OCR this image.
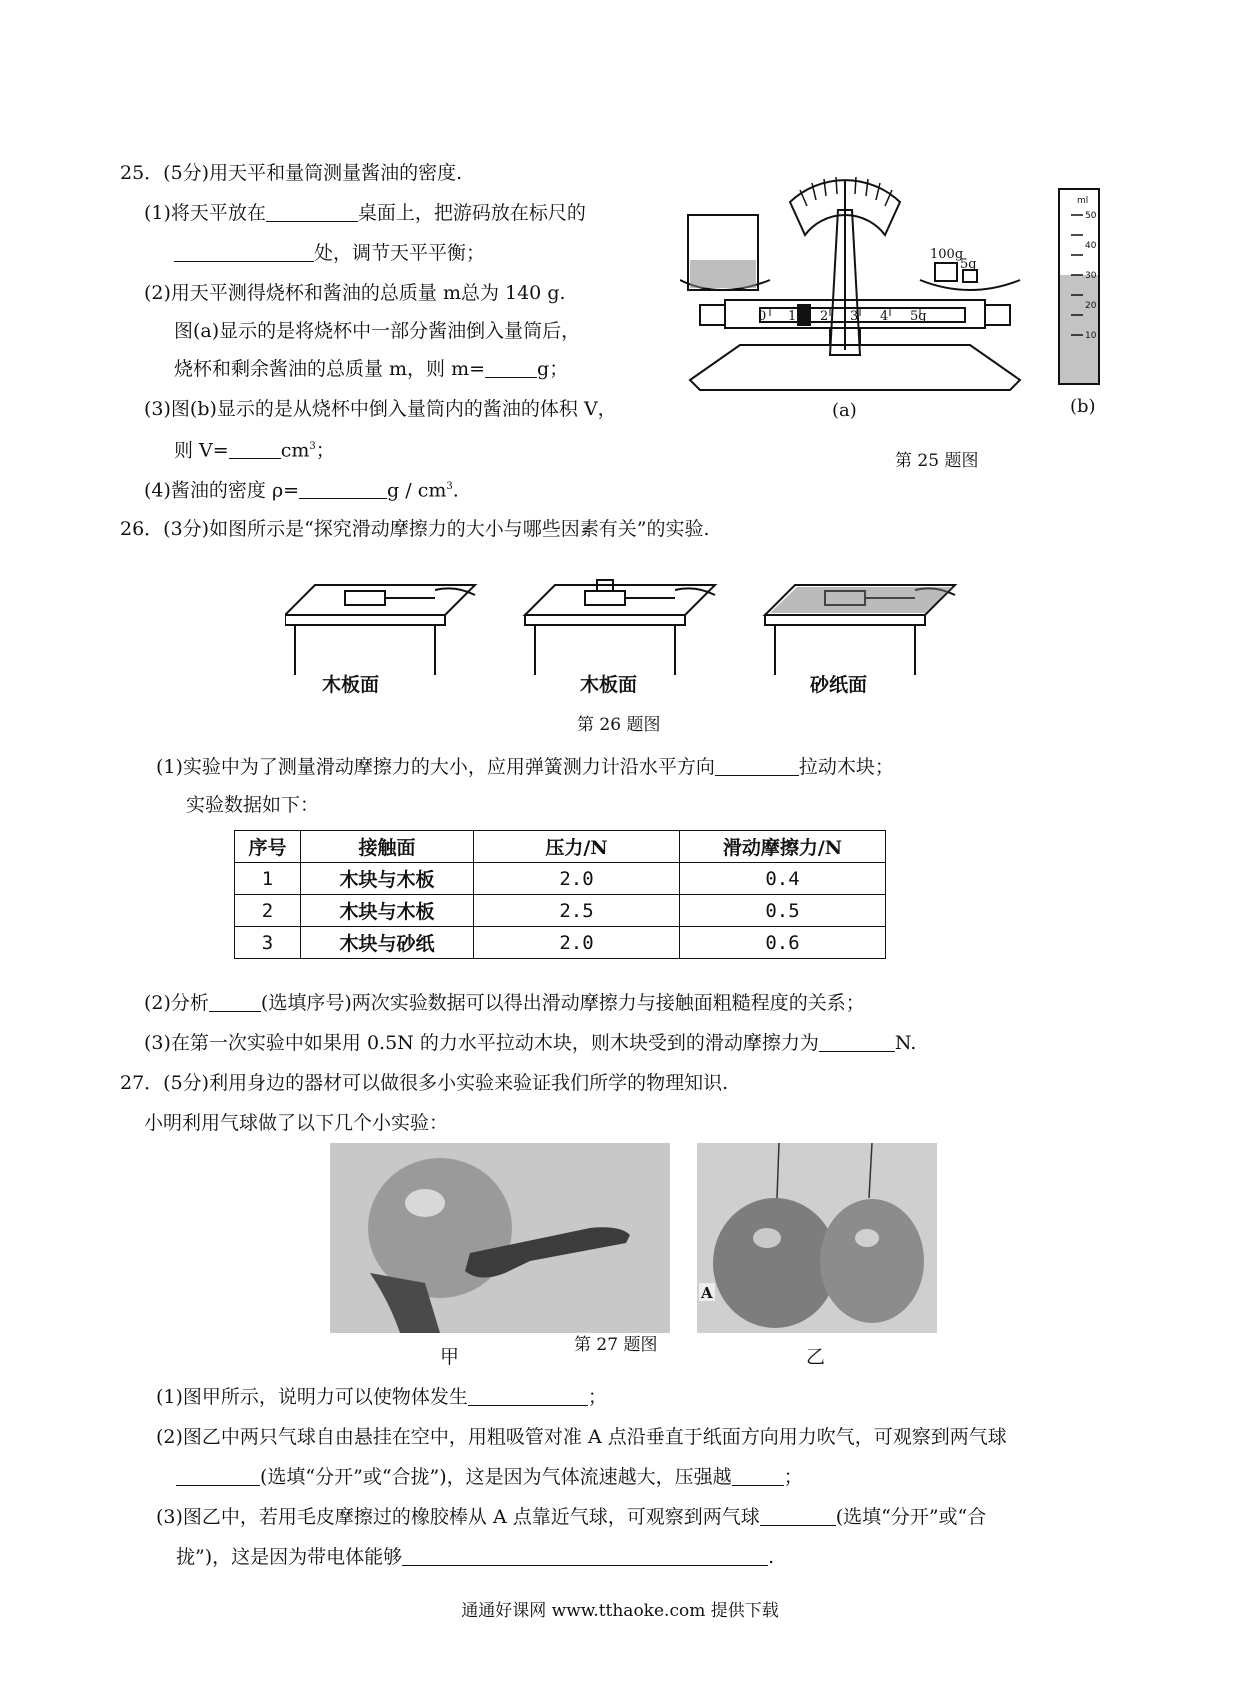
25．(5分)用天平和量筒测量酱油的密度.
(1)将天平放在	桌面上，把游码放在标尺的
处，调节天平平衡；
(2)用天平测得烧杯和酱油的总质量 m总为 140 g.
图(a)显示的是将烧杯中一部分酱油倒入量筒后，
烧杯和剩余酱油的总质量 m，则 m=	g；
(3)图(b)显示的是从烧杯中倒入量筒内的酱油的体积 V，
则 V=	$cm^3$；
(4)酱油的密度 ρ=	g / $cm^3$.
0 1 2 3 4 5g
100g
5g
(a)
ml
50
40
30
20
10
(b)
第 25 题图
26．(3分)如图所示是“探究滑动摩擦力的大小与哪些因素有关”的实验.
木板面	木板面	砂纸面
第 26 题图
(1)实验中为了测量滑动摩擦力的大小，应用弹簧测力计沿水平方向	拉动木块；
实验数据如下：
序号	接触面	压力/N	滑动摩擦力/N
1	木块与木板	2.0	0.4
2	木块与木板	2.5	0.5
3	木块与砂纸	2.0	0.6
(2)分析	(选填序号)两次实验数据可以得出滑动摩擦力与接触面粗糙程度的关系；
(3)在第一次实验中如果用 0.5N 的力水平拉动木块，则木块受到的滑动摩擦力为	N.
27．(5分)利用身边的器材可以做很多小实验来验证我们所学的物理知识.
小明利用气球做了以下几个小实验：
A
甲
第 27 题图
乙
(1)图甲所示，说明力可以使物体发生	；
(2)图乙中两只气球自由悬挂在空中，用粗吸管对准 A 点沿垂直于纸面方向用力吹气，可观察到两气球
(选填“分开”或“合拢”)，这是因为气体流速越大，压强越	；
(3)图乙中，若用毛皮摩擦过的橡胶棒从 A 点靠近气球，可观察到两气球	(选填“分开”或“合
拢”)，这是因为带电体能够	.
通通好课网 www.tthaoke.com 提供下载
